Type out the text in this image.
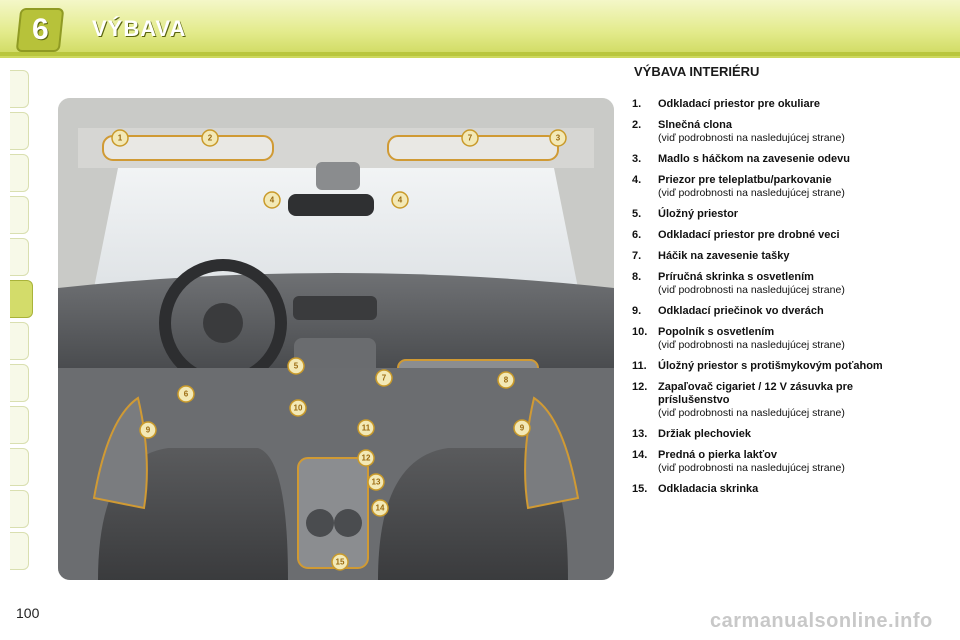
6 VÝBAVA
1	2	7	3
4	4
5
6
7	8
9	9
10
11
12
13
14
15
VÝBAVA INTERIÉRU
1. Odkladací priestor pre okuliare
2. Slnečná clona
(viď podrobnosti na nasledujúcej strane)
3. Madlo s háčkom na zavesenie odevu
4. Priezor pre teleplatbu/parkovanie
(viď podrobnosti na nasledujúcej strane)
5. Úložný priestor
6. Odkladací priestor pre drobné veci
7. Háčik na zavesenie tašky
8. Príručná skrinka s osvetlením
(viď podrobnosti na nasledujúcej strane)
9. Odkladací priečinok vo dverách
10. Popolník s osvetlením
(viď podrobnosti na nasledujúcej strane)
11. Úložný priestor s protišmykovým poťahom
12. Zapaľovač cigariet / 12 V zásuvka pre príslušenstvo
(viď podrobnosti na nasledujúcej strane)
13. Držiak plechoviek
14. Predná o pierka lakťov
(viď podrobnosti na nasledujúcej strane)
15. Odkladacia skrinka
100	carmanualsonline.info
